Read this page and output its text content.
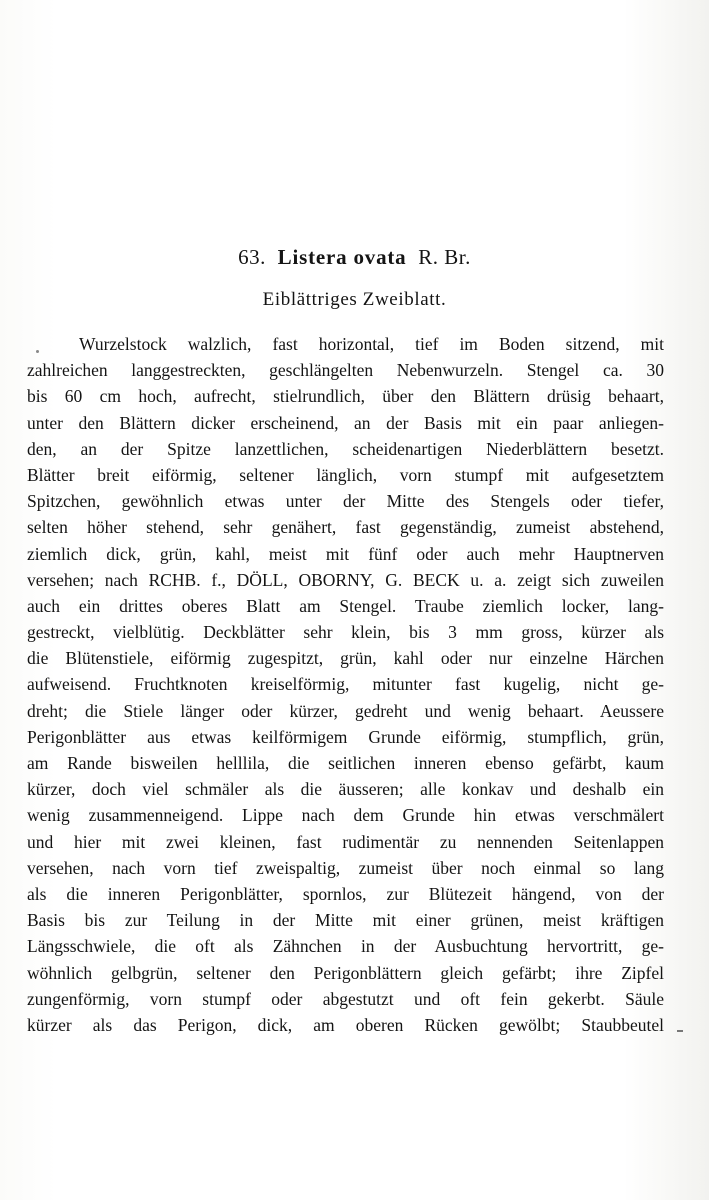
63. Listera ovata R. Br.
Eiblättriges Zweiblatt.
Wurzelstock walzlich, fast horizontal, tief im Boden sitzend, mit
zahlreichen langgestreckten, geschlängelten Nebenwurzeln. Stengel ca. 30
bis 60 cm hoch, aufrecht, stielrundlich, über den Blättern drüsig behaart,
unter den Blättern dicker erscheinend, an der Basis mit ein paar anliegen-
den, an der Spitze lanzettlichen, scheidenartigen Niederblättern besetzt.
Blätter breit eiförmig, seltener länglich, vorn stumpf mit aufgesetztem
Spitzchen, gewöhnlich etwas unter der Mitte des Stengels oder tiefer,
selten höher stehend, sehr genähert, fast gegenständig, zumeist abstehend,
ziemlich dick, grün, kahl, meist mit fünf oder auch mehr Hauptnerven
versehen; nach RCHB. f., DÖLL, OBORNY, G. BECK u. a. zeigt sich zuweilen
auch ein drittes oberes Blatt am Stengel. Traube ziemlich locker, lang-
gestreckt, vielblütig. Deckblätter sehr klein, bis 3 mm gross, kürzer als
die Blütenstiele, eiförmig zugespitzt, grün, kahl oder nur einzelne Härchen
aufweisend. Fruchtknoten kreiselförmig, mitunter fast kugelig, nicht ge-
dreht; die Stiele länger oder kürzer, gedreht und wenig behaart. Aeussere
Perigonblätter aus etwas keilförmigem Grunde eiförmig, stumpflich, grün,
am Rande bisweilen helllila, die seitlichen inneren ebenso gefärbt, kaum
kürzer, doch viel schmäler als die äusseren; alle konkav und deshalb ein
wenig zusammenneigend. Lippe nach dem Grunde hin etwas verschmälert
und hier mit zwei kleinen, fast rudimentär zu nennenden Seitenlappen
versehen, nach vorn tief zweispaltig, zumeist über noch einmal so lang
als die inneren Perigonblätter, spornlos, zur Blütezeit hängend, von der
Basis bis zur Teilung in der Mitte mit einer grünen, meist kräftigen
Längsschwiele, die oft als Zähnchen in der Ausbuchtung hervortritt, ge-
wöhnlich gelbgrün, seltener den Perigonblättern gleich gefärbt; ihre Zipfel
zungenförmig, vorn stumpf oder abgestutzt und oft fein gekerbt. Säule
kürzer als das Perigon, dick, am oberen Rücken gewölbt; Staubbeutel
